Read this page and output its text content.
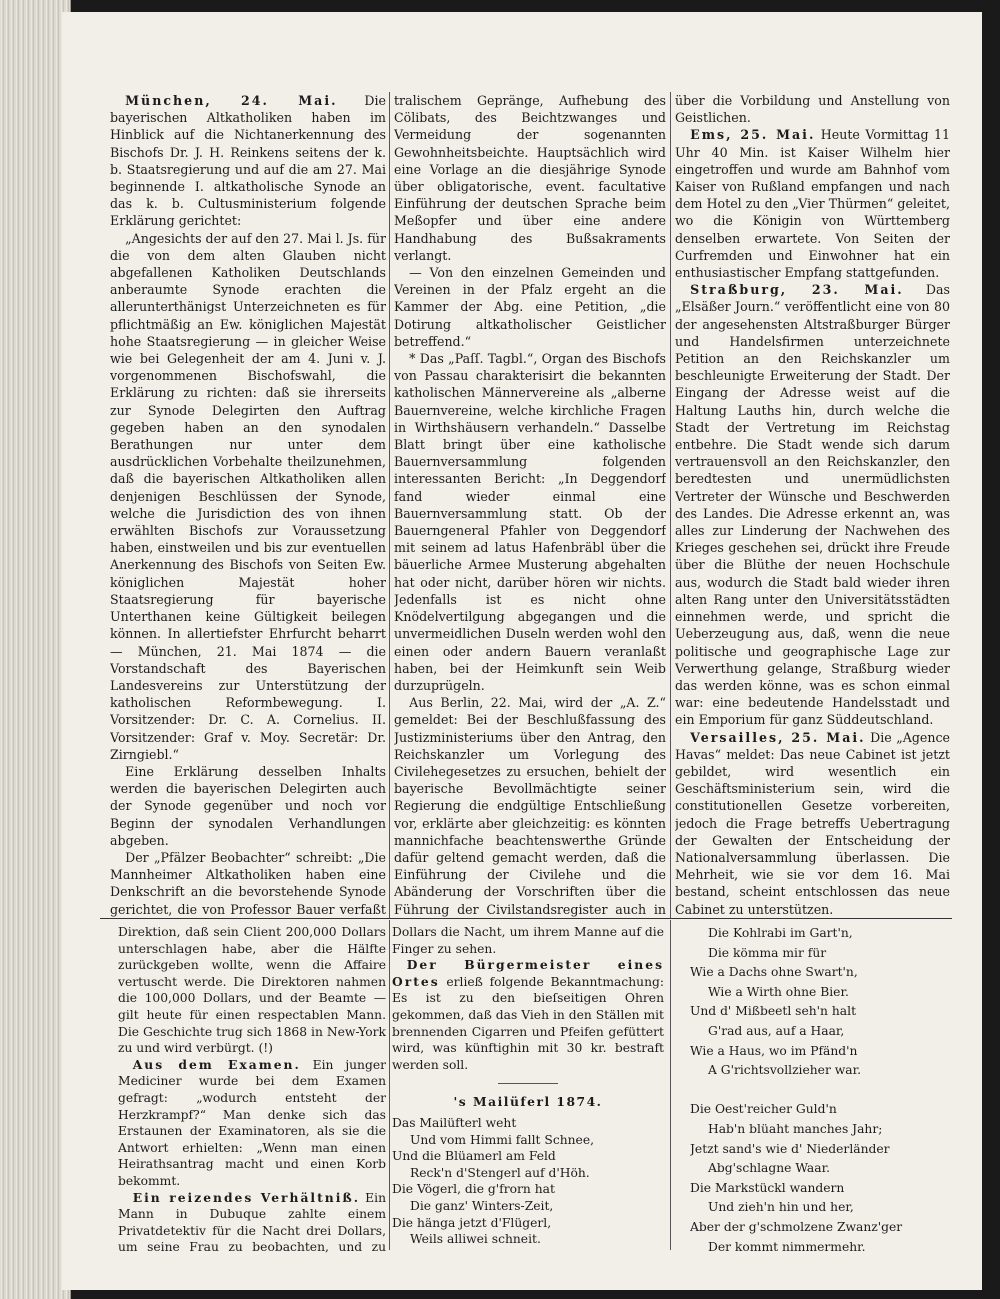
München, 24. Mai. Die bayerischen Altkatholiken haben im Hinblick auf die Nichtanerkennung des Bischofs Dr. J. H. Reinkens seitens der k. b. Staatsregierung und auf die am 27. Mai beginnende I. altkatholische Synode an das k. b. Cultusministerium folgende Erklärung gerichtet:

„Angesichts der auf den 27. Mai l. Js. für die von dem alten Glauben nicht abgefallenen Katholiken Deutschlands anberaumte Synode erachten die allerunterthänigst Unterzeichneten es für pflichtmäßig an Ew. königlichen Majestät hohe Staatsregierung — in gleicher Weise wie bei Gelegenheit der am 4. Juni v. J. vorgenommenen Bischofswahl, die Erklärung zu richten: daß sie ihrerseits zur Synode Delegirten den Auftrag gegeben haben an den synodalen Berathungen nur unter dem ausdrücklichen Vorbehalte theilzunehmen, daß die bayerischen Altkatholiken allen denjenigen Beschlüssen der Synode, welche die Jurisdiction des von ihnen erwählten Bischofs zur Voraussetzung haben, einstweilen und bis zur eventuellen Anerkennung des Bischofs von Seiten Ew. königlichen Majestät hoher Staatsregierung für bayerische Unterthanen keine Gültigkeit beilegen können. In allertiefster Ehrfurcht beharrt — München, 21. Mai 1874 — die Vorstandschaft des Bayerischen Landesvereins zur Unterstützung der katholischen Reformbewegung. I. Vorsitzender: Dr. C. A. Cornelius. II. Vorsitzender: Graf v. Moy. Secretär: Dr. Zirngiebl.“

Eine Erklärung desselben Inhalts werden die bayerischen Delegirten auch der Synode gegenüber und noch vor Beginn der synodalen Verhandlungen abgeben.

Der „Pfälzer Beobachter“ schreibt: „Die Mannheimer Altkatholiken haben eine Denkschrift an die bevorstehende Synode gerichtet, die von Professor Bauer verfaßt

tralischem Gepränge, Aufhebung des Cölibats, des Beichtzwanges und Vermeidung der sogenannten Gewohnheitsbeichte. Hauptsächlich wird eine Vorlage an die diesjährige Synode über obligatorische, event. facultative Einführung der deutschen Sprache beim Meßopfer und über eine andere Handhabung des Bußsakraments verlangt.

— Von den einzelnen Gemeinden und Vereinen in der Pfalz ergeht an die Kammer der Abg. eine Petition, „die Dotirung altkatholischer Geistlicher betreffend.“

* Das „Paſſ. Tagbl.“, Organ des Bischofs von Passau charakterisirt die bekannten katholischen Männervereine als „alberne Bauernvereine, welche kirchliche Fragen in Wirthshäusern verhandeln.“ Dasselbe Blatt bringt über eine katholische Bauernversammlung folgenden interessanten Bericht: „In Deggendorf fand wieder einmal eine Bauernversammlung statt. Ob der Bauerngeneral Pfahler von Deggendorf mit seinem ad latus Hafenbräbl über die bäuerliche Armee Musterung abgehalten hat oder nicht, darüber hören wir nichts. Jedenfalls ist es nicht ohne Knödelvertilgung abgegangen und die unvermeidlichen Duseln werden wohl den einen oder andern Bauern veranlaßt haben, bei der Heimkunft sein Weib durzuprügeln.

Aus Berlin, 22. Mai, wird der „A. Z.“ gemeldet: Bei der Beschlußfassung des Justizministeriums über den Antrag, den Reichskanzler um Vorlegung des Civilehegesetzes zu ersuchen, behielt der bayerische Bevollmächtigte seiner Regierung die endgültige Entschließung vor, erklärte aber gleichzeitig: es könnten mannichfache beachtenswerthe Gründe dafür geltend gemacht werden, daß die Einführung der Civilehe und die Abänderung der Vorschriften über die Führung der Civilstandsregister auch in

über die Vorbildung und Anstellung von Geistlichen.

Ems, 25. Mai. Heute Vormittag 11 Uhr 40 Min. ist Kaiser Wilhelm hier eingetroffen und wurde am Bahnhof vom Kaiser von Rußland empfangen und nach dem Hotel zu den „Vier Thürmen“ geleitet, wo die Königin von Württemberg denselben erwartete. Von Seiten der Curfremden und Einwohner hat ein enthusiastischer Empfang stattgefunden.

Straßburg, 23. Mai. Das „Elsäßer Journ.“ veröffentlicht eine von 80 der angesehensten Altstraßburger Bürger und Handelsfirmen unterzeichnete Petition an den Reichskanzler um beschleunigte Erweiterung der Stadt. Der Eingang der Adresse weist auf die Haltung Lauths hin, durch welche die Stadt der Vertretung im Reichstag entbehre. Die Stadt wende sich darum vertrauensvoll an den Reichskanzler, den beredtesten und unermüdlichsten Vertreter der Wünsche und Beschwerden des Landes. Die Adresse erkennt an, was alles zur Linderung der Nachwehen des Krieges geschehen sei, drückt ihre Freude über die Blüthe der neuen Hochschule aus, wodurch die Stadt bald wieder ihren alten Rang unter den Universitätsstädten einnehmen werde, und spricht die Ueberzeugung aus, daß, wenn die neue politische und geographische Lage zur Verwerthung gelange, Straßburg wieder das werden könne, was es schon einmal war: eine bedeutende Handelsstadt und ein Emporium für ganz Süddeutschland.

Versailles, 25. Mai. Die „Agence Havas“ meldet: Das neue Cabinet ist jetzt gebildet, wird wesentlich ein Geschäftsministerium sein, wird die constitutionellen Gesetze vorbereiten, jedoch die Frage betreffs Uebertragung der Gewalten der Entscheidung der Nationalversammlung überlassen. Die Mehrheit, wie sie vor dem 16. Mai bestand, scheint entschlossen das neue Cabinet zu unterstützen.

Direktion, daß sein Client 200,000 Dollars unterschlagen habe, aber die Hälfte zurückgeben wollte, wenn die Affaire vertuscht werde. Die Direktoren nahmen die 100,000 Dollars, und der Beamte — gilt heute für einen respectablen Mann. Die Geschichte trug sich 1868 in New-York zu und wird verbürgt. (!)

Aus dem Examen. Ein junger Mediciner wurde bei dem Examen gefragt: „wodurch entsteht der Herzkrampf?“ Man denke sich das Erstaunen der Examinatoren, als sie die Antwort erhielten: „Wenn man einen Heirathsantrag macht und einen Korb bekommt.

Ein reizendes Verhältniß. Ein Mann in Dubuque zahlte einem Privatdetektiv für die Nacht drei Dollars, um seine Frau zu beobachten, und zu

Dollars die Nacht, um ihrem Manne auf die Finger zu sehen.

Der Bürgermeister eines Ortes erließ folgende Bekanntmachung: Es ist zu den bieſseitigen Ohren gekommen, daß das Vieh in den Ställen mit brennenden Cigarren und Pfeifen gefüttert wird, was künftighin mit 30 kr. bestraft werden soll.

's Mailüferl 1874.
Das Mailüfterl weht
Und vom Himmi fallt Schnee,
Und die Blüamerl am Feld
Reck'n d'Stengerl auf d'Höh.
Die Vögerl, die g'frorn hat
Die ganz' Winters-Zeit,
Die hänga jetzt d'Flügerl,
Weils alliwei schneit.
Die Kohlrabi im Gart'n,
Die kömma mir für
Wie a Dachs ohne Swart'n,
Wie a Wirth ohne Bier.
Und d' Mißbeetl seh'n halt
G'rad aus, auf a Haar,
Wie a Haus, wo im Pfänd'n
A G'richtsvollzieher war.

Die Oest'reicher Guld'n
Hab'n blüaht manches Jahr;
Jetzt sand's wie d' Niederländer
Abg'schlagne Waar.
Die Markstückl wandern
Und zieh'n hin und her,
Aber der g'schmolzene Zwanz'ger
Der kommt nimmermehr.
